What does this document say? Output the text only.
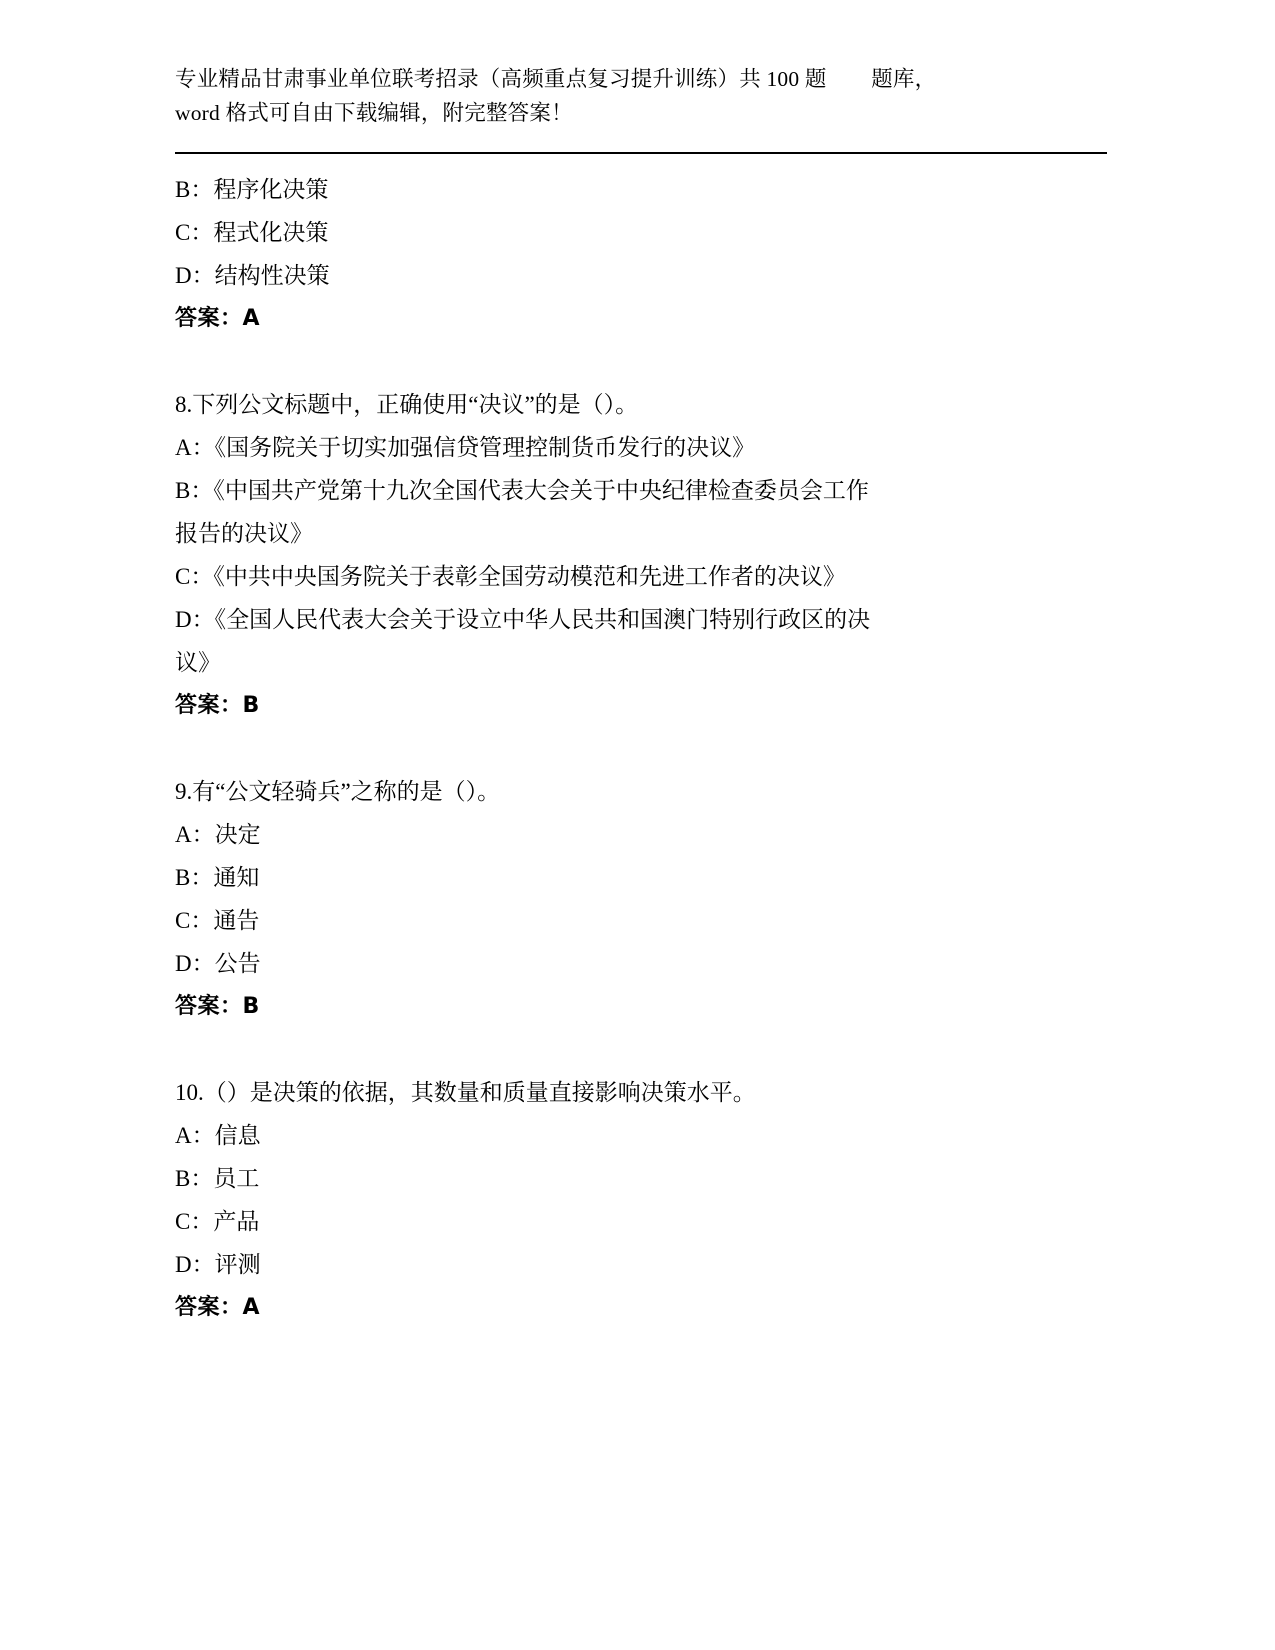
专业精品甘肃事业单位联考招录（高频重点复习提升训练）共 100 题        题库，
word 格式可自由下载编辑，附完整答案！
B：程序化决策
C：程式化决策
D：结构性决策
答案：A
8.下列公文标题中，正确使用“决议”的是（）。
A：《国务院关于切实加强信贷管理控制货币发行的决议》
B：《中国共产党第十九次全国代表大会关于中央纪律检查委员会工作
报告的决议》
C：《中共中央国务院关于表彰全国劳动模范和先进工作者的决议》
D：《全国人民代表大会关于设立中华人民共和国澳门特别行政区的决
议》
答案：B
9.有“公文轻骑兵”之称的是（）。
A：决定
B：通知
C：通告
D：公告
答案：B
10.（）是决策的依据，其数量和质量直接影响决策水平。
A：信息
B：员工
C：产品
D：评测
答案：A
